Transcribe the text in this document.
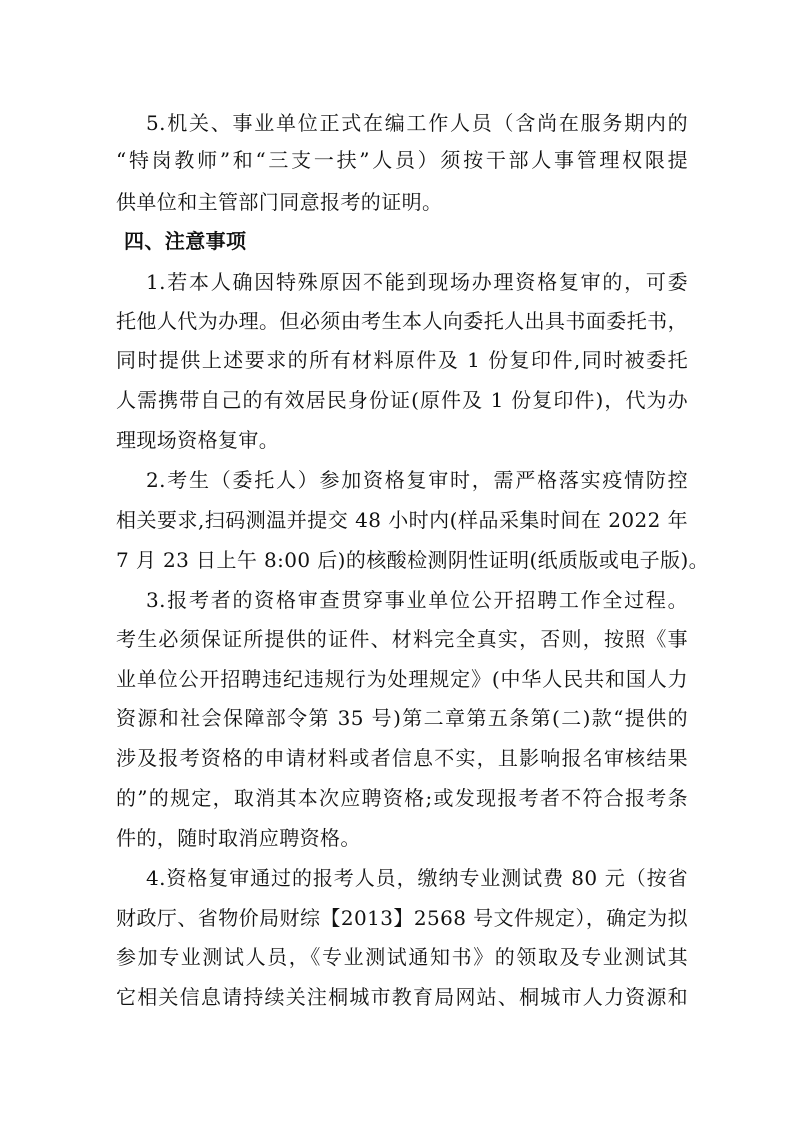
5.机关、事业单位正式在编工作人员（含尚在服务期内的
“特岗教师”和“三支一扶”人员）须按干部人事管理权限提
供单位和主管部门同意报考的证明。
四、注意事项
1.若本人确因特殊原因不能到现场办理资格复审的，可委
托他人代为办理。但必须由考生本人向委托人出具书面委托书，
同时提供上述要求的所有材料原件及 1 份复印件,同时被委托
人需携带自己的有效居民身份证(原件及 1 份复印件)，代为办
理现场资格复审。
2.考生（委托人）参加资格复审时，需严格落实疫情防控
相关要求,扫码测温并提交 48 小时内(样品采集时间在 2022 年
7 月 23 日上午 8:00 后)的核酸检测阴性证明(纸质版或电子版)。
3.报考者的资格审查贯穿事业单位公开招聘工作全过程。
考生必须保证所提供的证件、材料完全真实，否则，按照《事
业单位公开招聘违纪违规行为处理规定》(中华人民共和国人力
资源和社会保障部令第 35 号)第二章第五条第(二)款“提供的
涉及报考资格的申请材料或者信息不实，且影响报名审核结果
的”的规定，取消其本次应聘资格;或发现报考者不符合报考条
件的，随时取消应聘资格。
4.资格复审通过的报考人员，缴纳专业测试费 80 元（按省
财政厅、省物价局财综【2013】2568 号文件规定），确定为拟
参加专业测试人员，《专业测试通知书》的领取及专业测试其
它相关信息请持续关注桐城市教育局网站、桐城市人力资源和
